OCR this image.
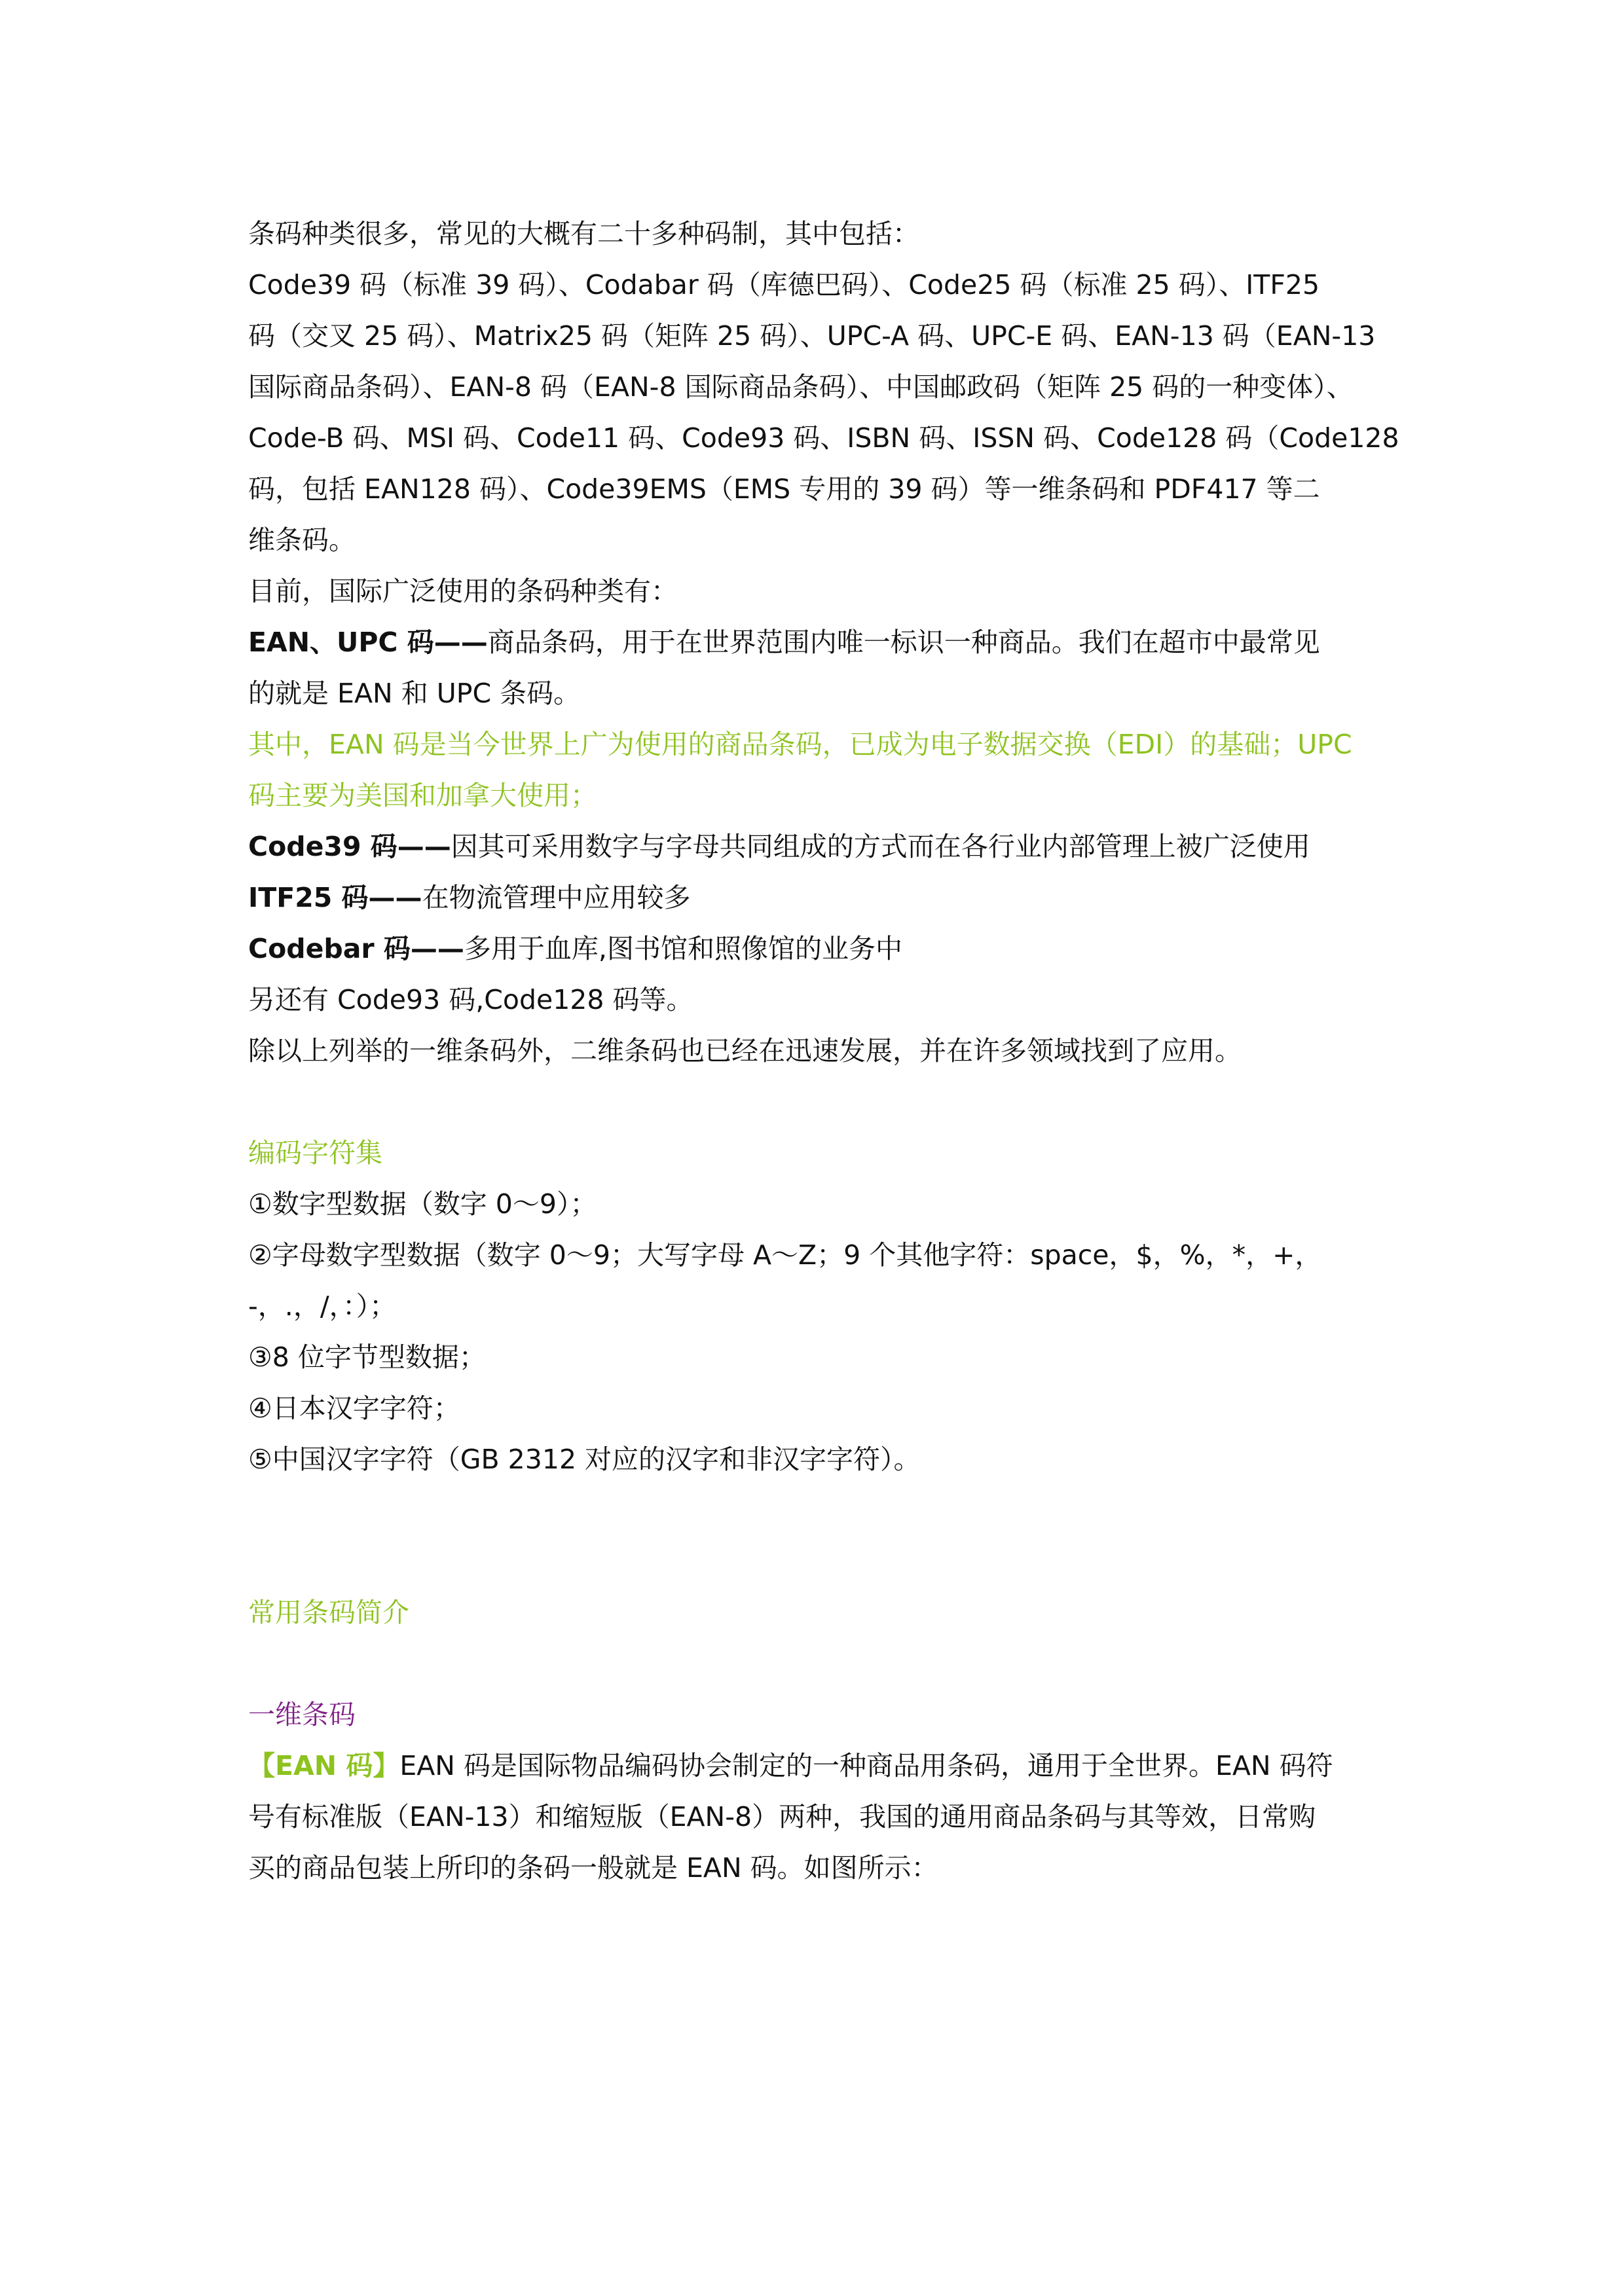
条码种类很多，常见的大概有二十多种码制，其中包括：
Code39 码（标准 39 码）、Codabar 码（库德巴码）、Code25 码（标准 25 码）、ITF25
码（交叉 25 码）、Matrix25 码（矩阵 25 码）、UPC-A 码、UPC-E 码、EAN-13 码（EAN-13
国际商品条码）、EAN-8 码（EAN-8 国际商品条码）、中国邮政码（矩阵 25 码的一种变体）、
Code-B 码、MSI 码、Code11 码、Code93 码、ISBN 码、ISSN 码、Code128 码（Code128
码，包括 EAN128 码）、Code39EMS（EMS 专用的 39 码）等一维条码和 PDF417 等二
维条码。
目前，国际广泛使用的条码种类有：
EAN、UPC 码——商品条码，用于在世界范围内唯一标识一种商品。我们在超市中最常见
的就是 EAN 和 UPC 条码。
其中，EAN 码是当今世界上广为使用的商品条码，已成为电子数据交换（EDI）的基础；UPC
码主要为美国和加拿大使用；
Code39 码——因其可采用数字与字母共同组成的方式而在各行业内部管理上被广泛使用
ITF25 码——在物流管理中应用较多
Codebar 码——多用于血库,图书馆和照像馆的业务中
另还有 Code93 码,Code128 码等。
除以上列举的一维条码外，二维条码也已经在迅速发展，并在许多领域找到了应用。
编码字符集
①数字型数据（数字 0～9）；
②字母数字型数据（数字 0～9；大写字母 A～Z；9 个其他字符：space，$，%，*，+，
-，.，/，：）；
③8 位字节型数据；
④日本汉字字符；
⑤中国汉字字符（GB 2312 对应的汉字和非汉字字符）。
常用条码简介
一维条码
【EAN 码】EAN 码是国际物品编码协会制定的一种商品用条码，通用于全世界。EAN 码符
号有标准版（EAN-13）和缩短版（EAN-8）两种，我国的通用商品条码与其等效，日常购
买的商品包装上所印的条码一般就是 EAN 码。如图所示：
